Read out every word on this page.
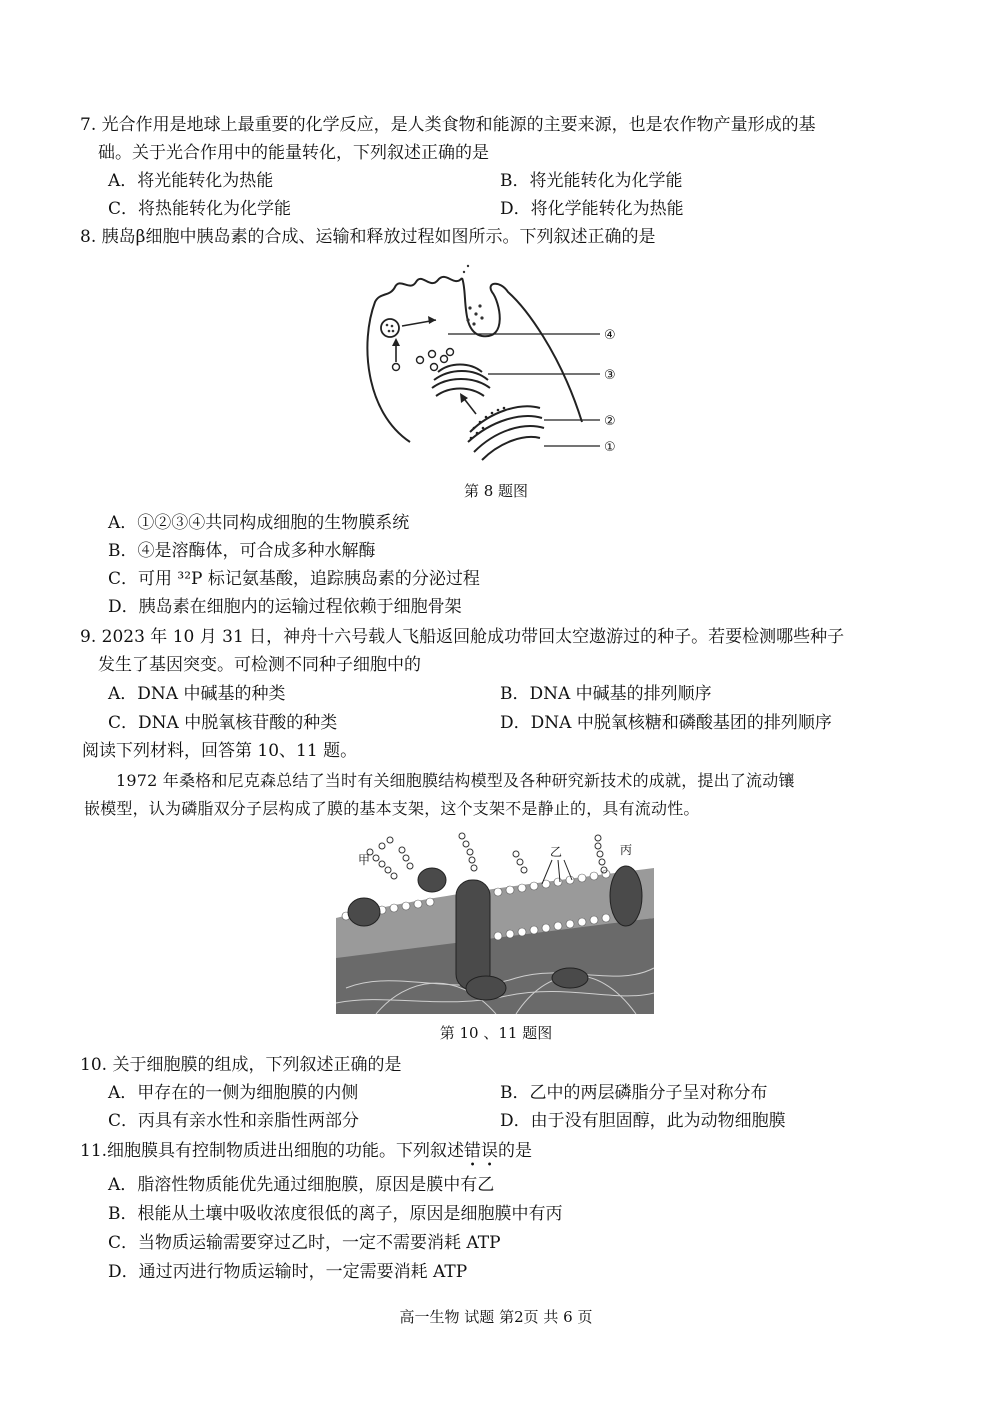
7. 光合作用是地球上最重要的化学反应，是人类食物和能源的主要来源，也是农作物产量形成的基
础。关于光合作用中的能量转化，下列叙述正确的是
A．将光能转化为热能	B．将光能转化为化学能
C．将热能转化为化学能	D．将化学能转化为热能
8. 胰岛β细胞中胰岛素的合成、运输和释放过程如图所示。下列叙述正确的是
④
③
②
①
第 8 题图
A．①②③④共同构成细胞的生物膜系统
B．④是溶酶体，可合成多种水解酶
C．可用 ³²P 标记氨基酸，追踪胰岛素的分泌过程
D．胰岛素在细胞内的运输过程依赖于细胞骨架
9. 2023 年 10 月 31 日，神舟十六号载人飞船返回舱成功带回太空遨游过的种子。若要检测哪些种子
发生了基因突变。可检测不同种子细胞中的
A．DNA 中碱基的种类	B．DNA 中碱基的排列顺序
C．DNA 中脱氧核苷酸的种类	D．DNA 中脱氧核糖和磷酸基团的排列顺序
阅读下列材料，回答第 10、11 题。
1972 年桑格和尼克森总结了当时有关细胞膜结构模型及各种研究新技术的成就，提出了流动镶
嵌模型，认为磷脂双分子层构成了膜的基本支架，这个支架不是静止的，具有流动性。
甲
乙	丙
第 10 、11 题图
10. 关于细胞膜的组成，下列叙述正确的是
A．甲存在的一侧为细胞膜的内侧	B．乙中的两层磷脂分子呈对称分布
C．丙具有亲水性和亲脂性两部分	D．由于没有胆固醇，此为动物细胞膜
11.细胞膜具有控制物质进出细胞的功能。下列叙述错误的是
A．脂溶性物质能优先通过细胞膜，原因是膜中有乙
B．根能从土壤中吸收浓度很低的离子，原因是细胞膜中有丙
C．当物质运输需要穿过乙时，一定不需要消耗 ATP
D．通过丙进行物质运输时，一定需要消耗 ATP
高一生物 试题 第2页 共 6 页
